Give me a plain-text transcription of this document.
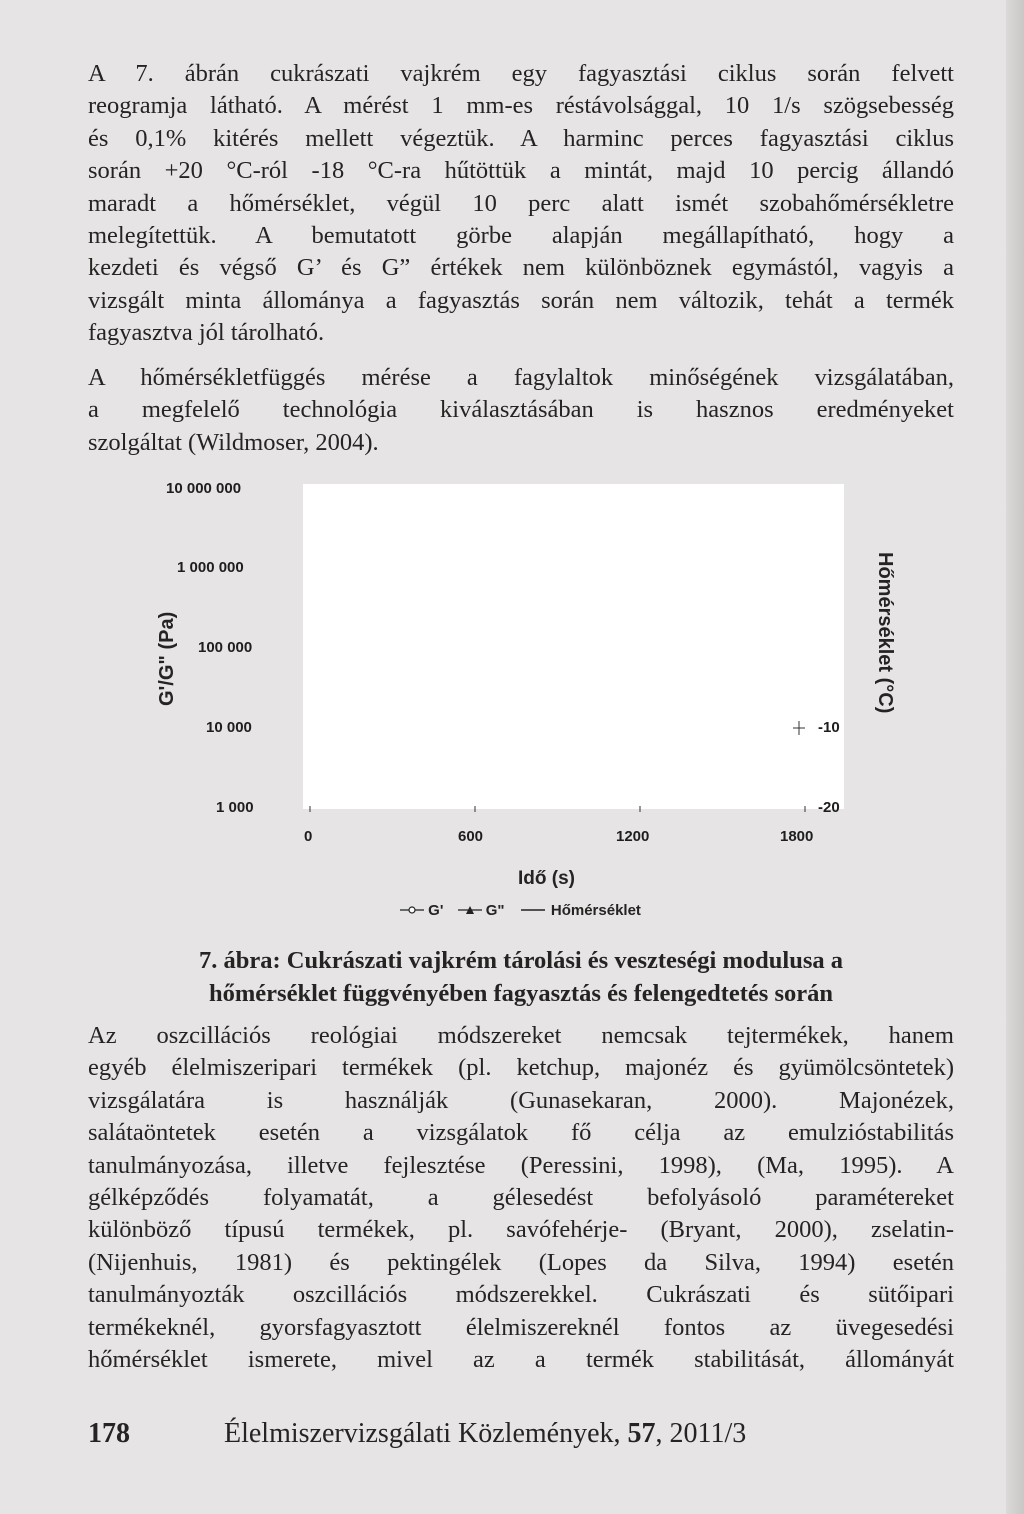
A 7. ábrán cukrászati vajkrém egy fagyasztási ciklus során felvett
reogramja látható. A mérést 1 mm-es réstávolsággal, 10 1/s szögsebesség
és 0,1% kitérés mellett végeztük. A harminc perces fagyasztási ciklus
során +20 °C-ról -18 °C-ra hűtöttük a mintát, majd 10 percig állandó
maradt a hőmérséklet, végül 10 perc alatt ismét szobahőmérsékletre
melegítettük. A bemutatott görbe alapján megállapítható, hogy a
kezdeti és végső G’ és G” értékek nem különböznek egymástól, vagyis a
vizsgált minta állománya a fagyasztás során nem változik, tehát a termék
fagyasztva jól tárolható.
A hőmérsékletfüggés mérése a fagylaltok minőségének vizsgálatában,
a megfelelő technológia kiválasztásában is hasznos eredményeket
szolgáltat (Wildmoser, 2004).
10 000 000
1 000 000
100 000
10 000
1 000
-10
-20
0	600	1200	1800
G'/G" (Pa)	Hőmérséklet (°C)
Idő (s)
G'	G"	Hőmérséklet
7. ábra: Cukrászati vajkrém tárolási és veszteségi modulusa a
hőmérséklet függvényében fagyasztás és felengedtetés során
Az oszcillációs reológiai módszereket nemcsak tejtermékek, hanem
egyéb élelmiszeripari termékek (pl. ketchup, majonéz és gyümölcsöntetek)
vizsgálatára is használják (Gunasekaran, 2000). Majonézek,
salátaöntetek esetén a vizsgálatok fő célja az emulzióstabilitás
tanulmányozása, illetve fejlesztése (Peressini, 1998), (Ma, 1995). A
gélképződés folyamatát, a gélesedést befolyásoló paramétereket
különböző típusú termékek, pl. savófehérje- (Bryant, 2000), zselatin-
(Nijenhuis, 1981) és pektingélek (Lopes da Silva, 1994) esetén
tanulmányozták oszcillációs módszerekkel. Cukrászati és sütőipari
termékeknél, gyorsfagyasztott élelmiszereknél fontos az üvegesedési
hőmérséklet ismerete, mivel az a termék stabilitását, állományát
178	Élelmiszervizsgálati Közlemények, 57, 2011/3
